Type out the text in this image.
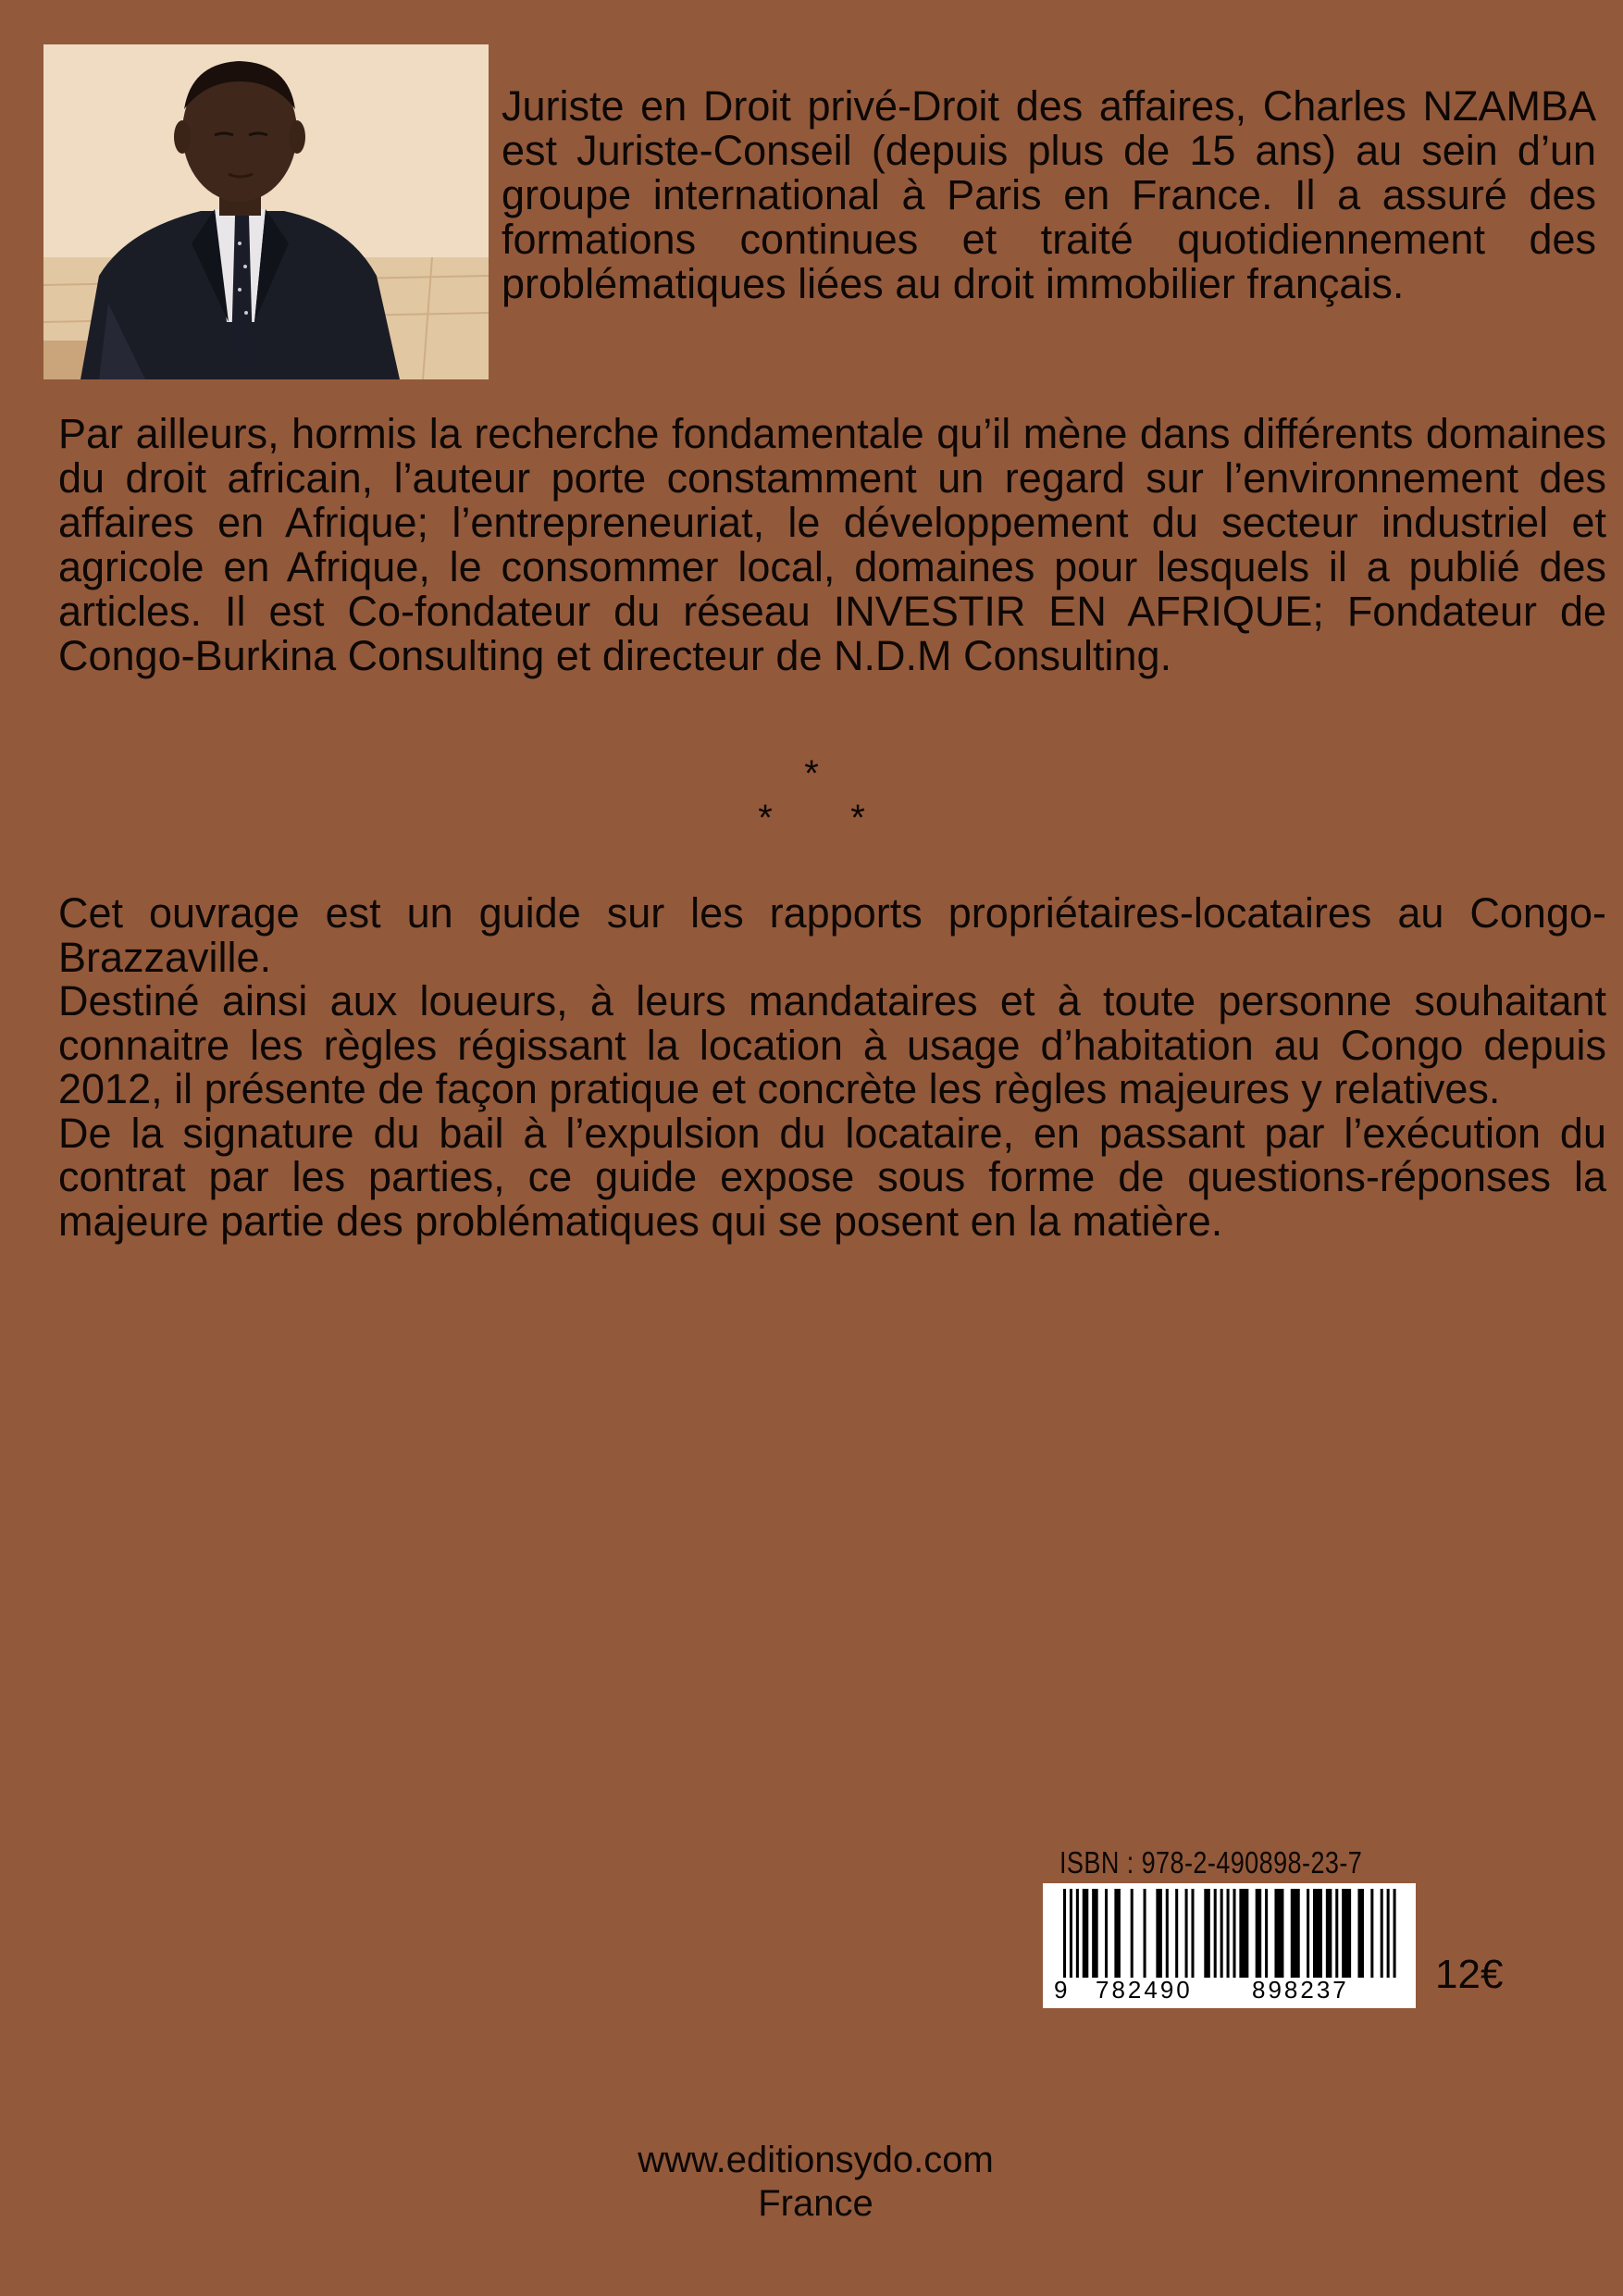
Juriste en Droit privé-Droit des affaires, Charles NZAMBA est Juriste-Conseil (depuis plus de 15 ans) au sein d’un groupe international à Paris en France. Il a assuré des formations continues et traité quotidiennement des problématiques liées au droit immobilier français.

Par ailleurs, hormis la recherche fondamentale qu’il mène dans différents domaines du droit africain, l’auteur porte constamment un regard sur l’environnement des affaires en Afrique; l’entrepreneuriat, le développement du secteur industriel et agricole en Afrique, le consommer local, domaines pour lesquels il a publié des articles. Il est Co-fondateur du réseau INVESTIR EN AFRIQUE; Fondateur de Congo-Burkina Consulting et directeur de N.D.M Consulting.

*
* *

Cet ouvrage est un guide sur les rapports propriétaires-locataires au Congo-Brazzaville.

Destiné ainsi aux loueurs, à leurs mandataires et à toute personne souhaitant connaitre les règles régissant la location à usage d’habitation au Congo depuis 2012, il présente de façon pratique et concrète les règles majeures y relatives.

De la signature du bail à l’expulsion du locataire, en passant par l’exécution du contrat par les parties, ce guide expose sous forme de questions-réponses la majeure partie des problématiques qui se posent en la matière.

ISBN : 978-2-490898-23-7
9 782490 898237 12€
www.editionsydo.com
France
